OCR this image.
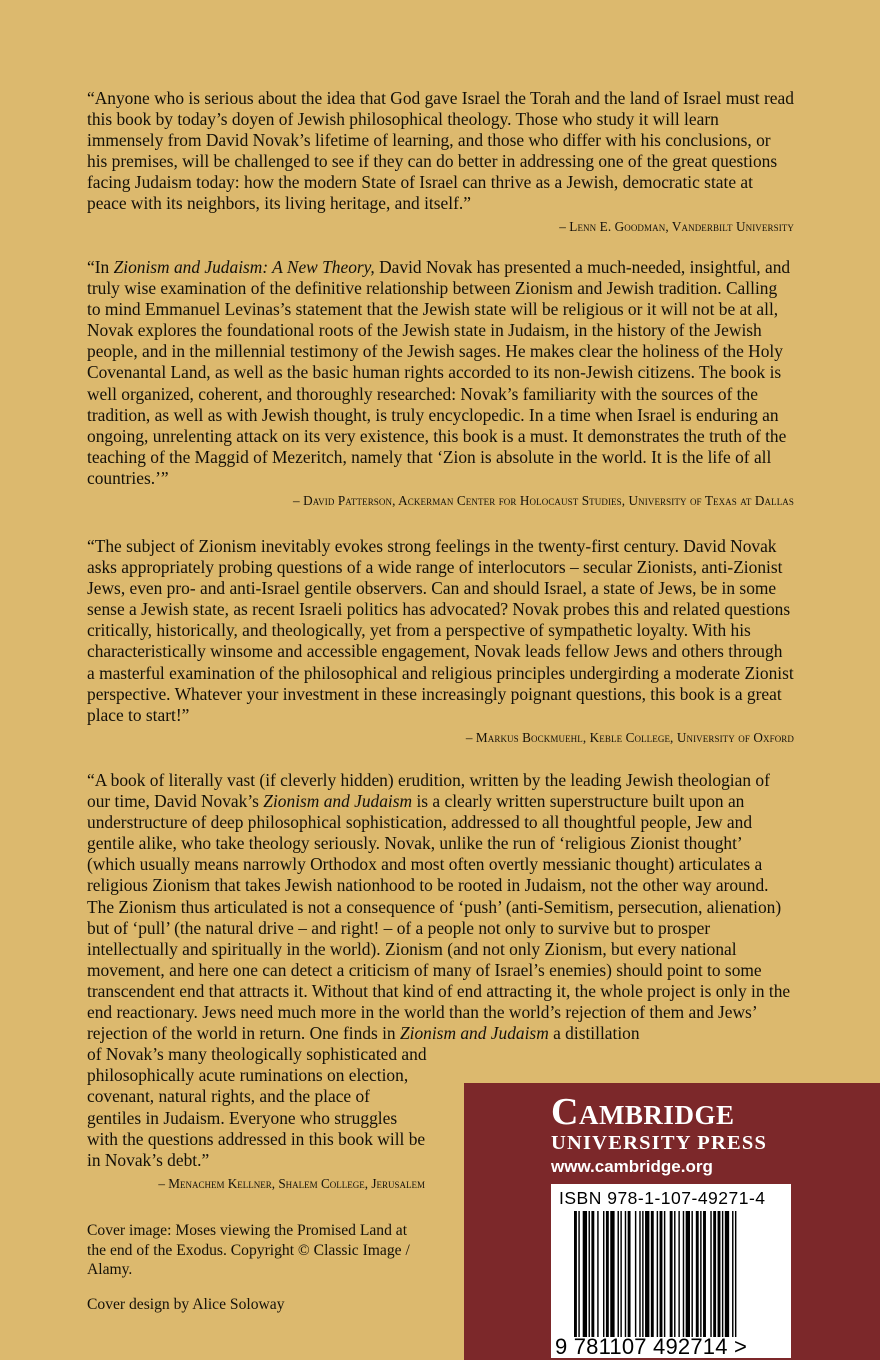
“Anyone who is serious about the idea that God gave Israel the Torah and the land of Israel must read this book by today’s doyen of Jewish philosophical theology. Those who study it will learn immensely from David Novak’s lifetime of learning, and those who differ with his conclusions, or his premises, will be challenged to see if they can do better in addressing one of the great questions facing Judaism today: how the modern State of Israel can thrive as a Jewish, democratic state at peace with its neighbors, its living heritage, and itself.”

– Lenn E. Goodman, Vanderbilt University

“In Zionism and Judaism: A New Theory, David Novak has presented a much-needed, insightful, and truly wise examination of the definitive relationship between Zionism and Jewish tradition. Calling to mind Emmanuel Levinas’s statement that the Jewish state will be religious or it will not be at all, Novak explores the foundational roots of the Jewish state in Judaism, in the history of the Jewish people, and in the millennial testimony of the Jewish sages. He makes clear the holiness of the Holy Covenantal Land, as well as the basic human rights accorded to its non-Jewish citizens. The book is well organized, coherent, and thoroughly researched: Novak’s familiarity with the sources of the tradition, as well as with Jewish thought, is truly encyclopedic. In a time when Israel is enduring an ongoing, unrelenting attack on its very existence, this book is a must. It demonstrates the truth of the teaching of the Maggid of Mezeritch, namely that ‘Zion is absolute in the world. It is the life of all countries.’”

– David Patterson, Ackerman Center for Holocaust Studies, University of Texas at Dallas

“The subject of Zionism inevitably evokes strong feelings in the twenty-first century. David Novak asks appropriately probing questions of a wide range of interlocutors – secular Zionists, anti-Zionist Jews, even pro- and anti-Israel gentile observers. Can and should Israel, a state of Jews, be in some sense a Jewish state, as recent Israeli politics has advocated? Novak probes this and related questions critically, historically, and theologically, yet from a perspective of sympathetic loyalty. With his characteristically winsome and accessible engagement, Novak leads fellow Jews and others through a masterful examination of the philosophical and religious principles undergirding a moderate Zionist perspective. Whatever your investment in these increasingly poignant questions, this book is a great place to start!”

– Markus Bockmuehl, Keble College, University of Oxford

“A book of literally vast (if cleverly hidden) erudition, written by the leading Jewish theologian of our time, David Novak’s Zionism and Judaism is a clearly written superstructure built upon an understructure of deep philosophical sophistication, addressed to all thoughtful people, Jew and gentile alike, who take theology seriously. Novak, unlike the run of ‘religious Zionist thought’ (which usually means narrowly Orthodox and most often overtly messianic thought) articulates a religious Zionism that takes Jewish nationhood to be rooted in Judaism, not the other way around. The Zionism thus articulated is not a consequence of ‘push’ (anti-Semitism, persecution, alienation) but of ‘pull’ (the natural drive – and right! – of a people not only to survive but to prosper intellectually and spiritually in the world). Zionism (and not only Zionism, but every national movement, and here one can detect a criticism of many of Israel’s enemies) should point to some transcendent end that attracts it. Without that kind of end attracting it, the whole project is only in the end reactionary. Jews need much more in the world than the world’s rejection of them and Jews’ rejection of the world in return. One finds in Zionism and Judaism a distillation

of Novak’s many theologically sophisticated and philosophically acute ruminations on election, covenant, natural rights, and the place of gentiles in Judaism. Everyone who struggles with the questions addressed in this book will be in Novak’s debt.”

– Menachem Kellner, Shalem College, Jerusalem
Cover image: Moses viewing the Promised Land at the end of the Exodus. Copyright © Classic Image / Alamy.
Cover design by Alice Soloway
Cambridge
UNIVERSITY PRESS
www.cambridge.org
ISBN 978-1-107-49271-4
9 781107 492714 >
